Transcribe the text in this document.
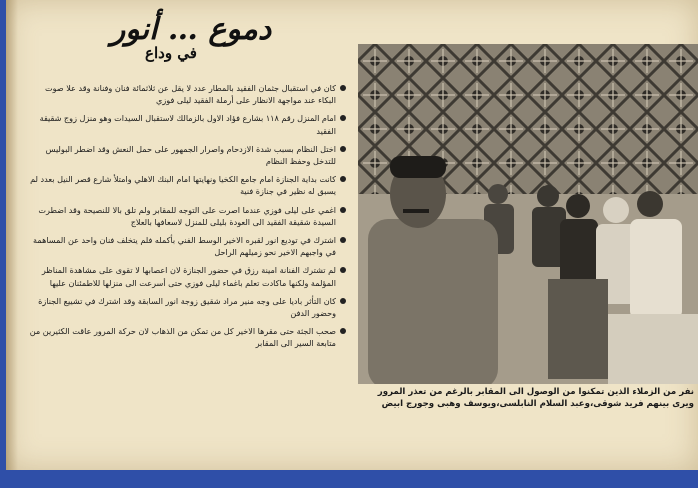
دموع … أنور
في وداع

كان في استقبال جثمان الفقيد بالمطار عدد لا يقل عن ثلاثمائة فنان وفنانة وقد علا صوت البكاء عند مواجهة الانظار على أرملة الفقيد ليلى فوزي

امام المنزل رقم ١١٨ بشارع فؤاد الاول بالزمالك لاستقبال السيدات وهو منزل زوج شقيقة الفقيد

اختل النظام بسبب شدة الازدحام واصرار الجمهور على حمل النعش وقد اضطر البوليس للتدخل وحفظ النظام

كانت بداية الجنازة امام جامع الكخيا ونهايتها امام البنك الاهلي وامتلأ شارع قصر النيل بعدد لم يسبق له نظير في جنازة فنية

اغمي على ليلى فوزي عندما اصرت على التوجه للمقابر ولم تلق بالا للنصيحة وقد اضطرت السيدة شقيقة الفقيد الى العودة بليلى للمنزل لاسعافها بالعلاج

اشترك في توديع انور لقبره الاخير الوسط الفني بأكمله فلم يتخلف فنان واحد عن المساهمة في واجبهم الاخير نحو زميلهم الراحل

لم تشترك الفنانة امينة رزق في حضور الجنازة لان اعصابها لا تقوى على مشاهدة المناظر المؤلمة ولكنها ماكادت تعلم باغماء ليلى فوزي حتى أسرعت الى منزلها للاطمئنان عليها

كان التأثر باديا على وجه منير مراد شقيق زوجة انور السابقة وقد اشترك في تشييع الجنازة وحضور الدفن

صحب الجثة حتى مقرها الاخير كل من تمكن من الذهاب لان حركة المرور عاقت الكثيرين من متابعة السير الى المقابر

نفر من الزملاء الذين تمكنوا من الوصول الى المقابر بالرغم من تعذر المرور ويرى بينهم فريد شوقى،وعبد السلام النابلسى،ويوسف وهبى وجورج ابيض
